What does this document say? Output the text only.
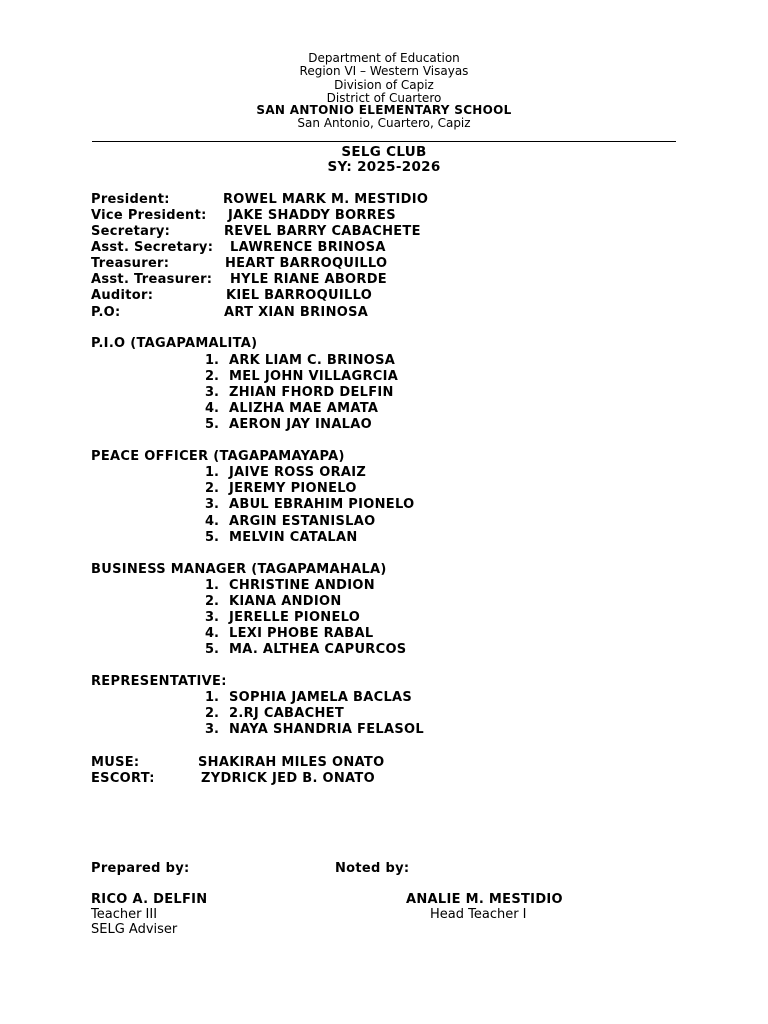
Department of Education
Region VI – Western Visayas
Division of Capiz
District of Cuartero
SAN ANTONIO ELEMENTARY SCHOOL
San Antonio, Cuartero, Capiz
SELG CLUB
SY: 2025-2026
President:	ROWEL MARK M. MESTIDIO
Vice President: JAKE SHADDY BORRES
Secretary:	REVEL BARRY CABACHETE
Asst. Secretary: LAWRENCE BRINOSA
Treasurer:	HEART BARROQUILLO
Asst. Treasurer: HYLE RIANE ABORDE
Auditor:	KIEL BARROQUILLO
P.O:	ART XIAN BRINOSA
P.I.O (TAGAPAMALITA)
1. ARK LIAM C. BRINOSA
2. MEL JOHN VILLAGRCIA
3. ZHIAN FHORD DELFIN
4. ALIZHA MAE AMATA
5. AERON JAY INALAO
PEACE OFFICER (TAGAPAMAYAPA)
1. JAIVE ROSS ORAIZ
2. JEREMY PIONELO
3. ABUL EBRAHIM PIONELO
4. ARGIN ESTANISLAO
5. MELVIN CATALAN
BUSINESS MANAGER (TAGAPAMAHALA)
1. CHRISTINE ANDION
2. KIANA ANDION
3. JERELLE PIONELO
4. LEXI PHOBE RABAL
5. MA. ALTHEA CAPURCOS
REPRESENTATIVE:
1. SOPHIA JAMELA BACLAS
2. 2.RJ CABACHET
3. NAYA SHANDRIA FELASOL
MUSE:	SHAKIRAH MILES ONATO
ESCORT:	ZYDRICK JED B. ONATO
Prepared by:	Noted by:
RICO A. DELFIN
Teacher III
SELG Adviser
ANALIE M. MESTIDIO
Head Teacher I
